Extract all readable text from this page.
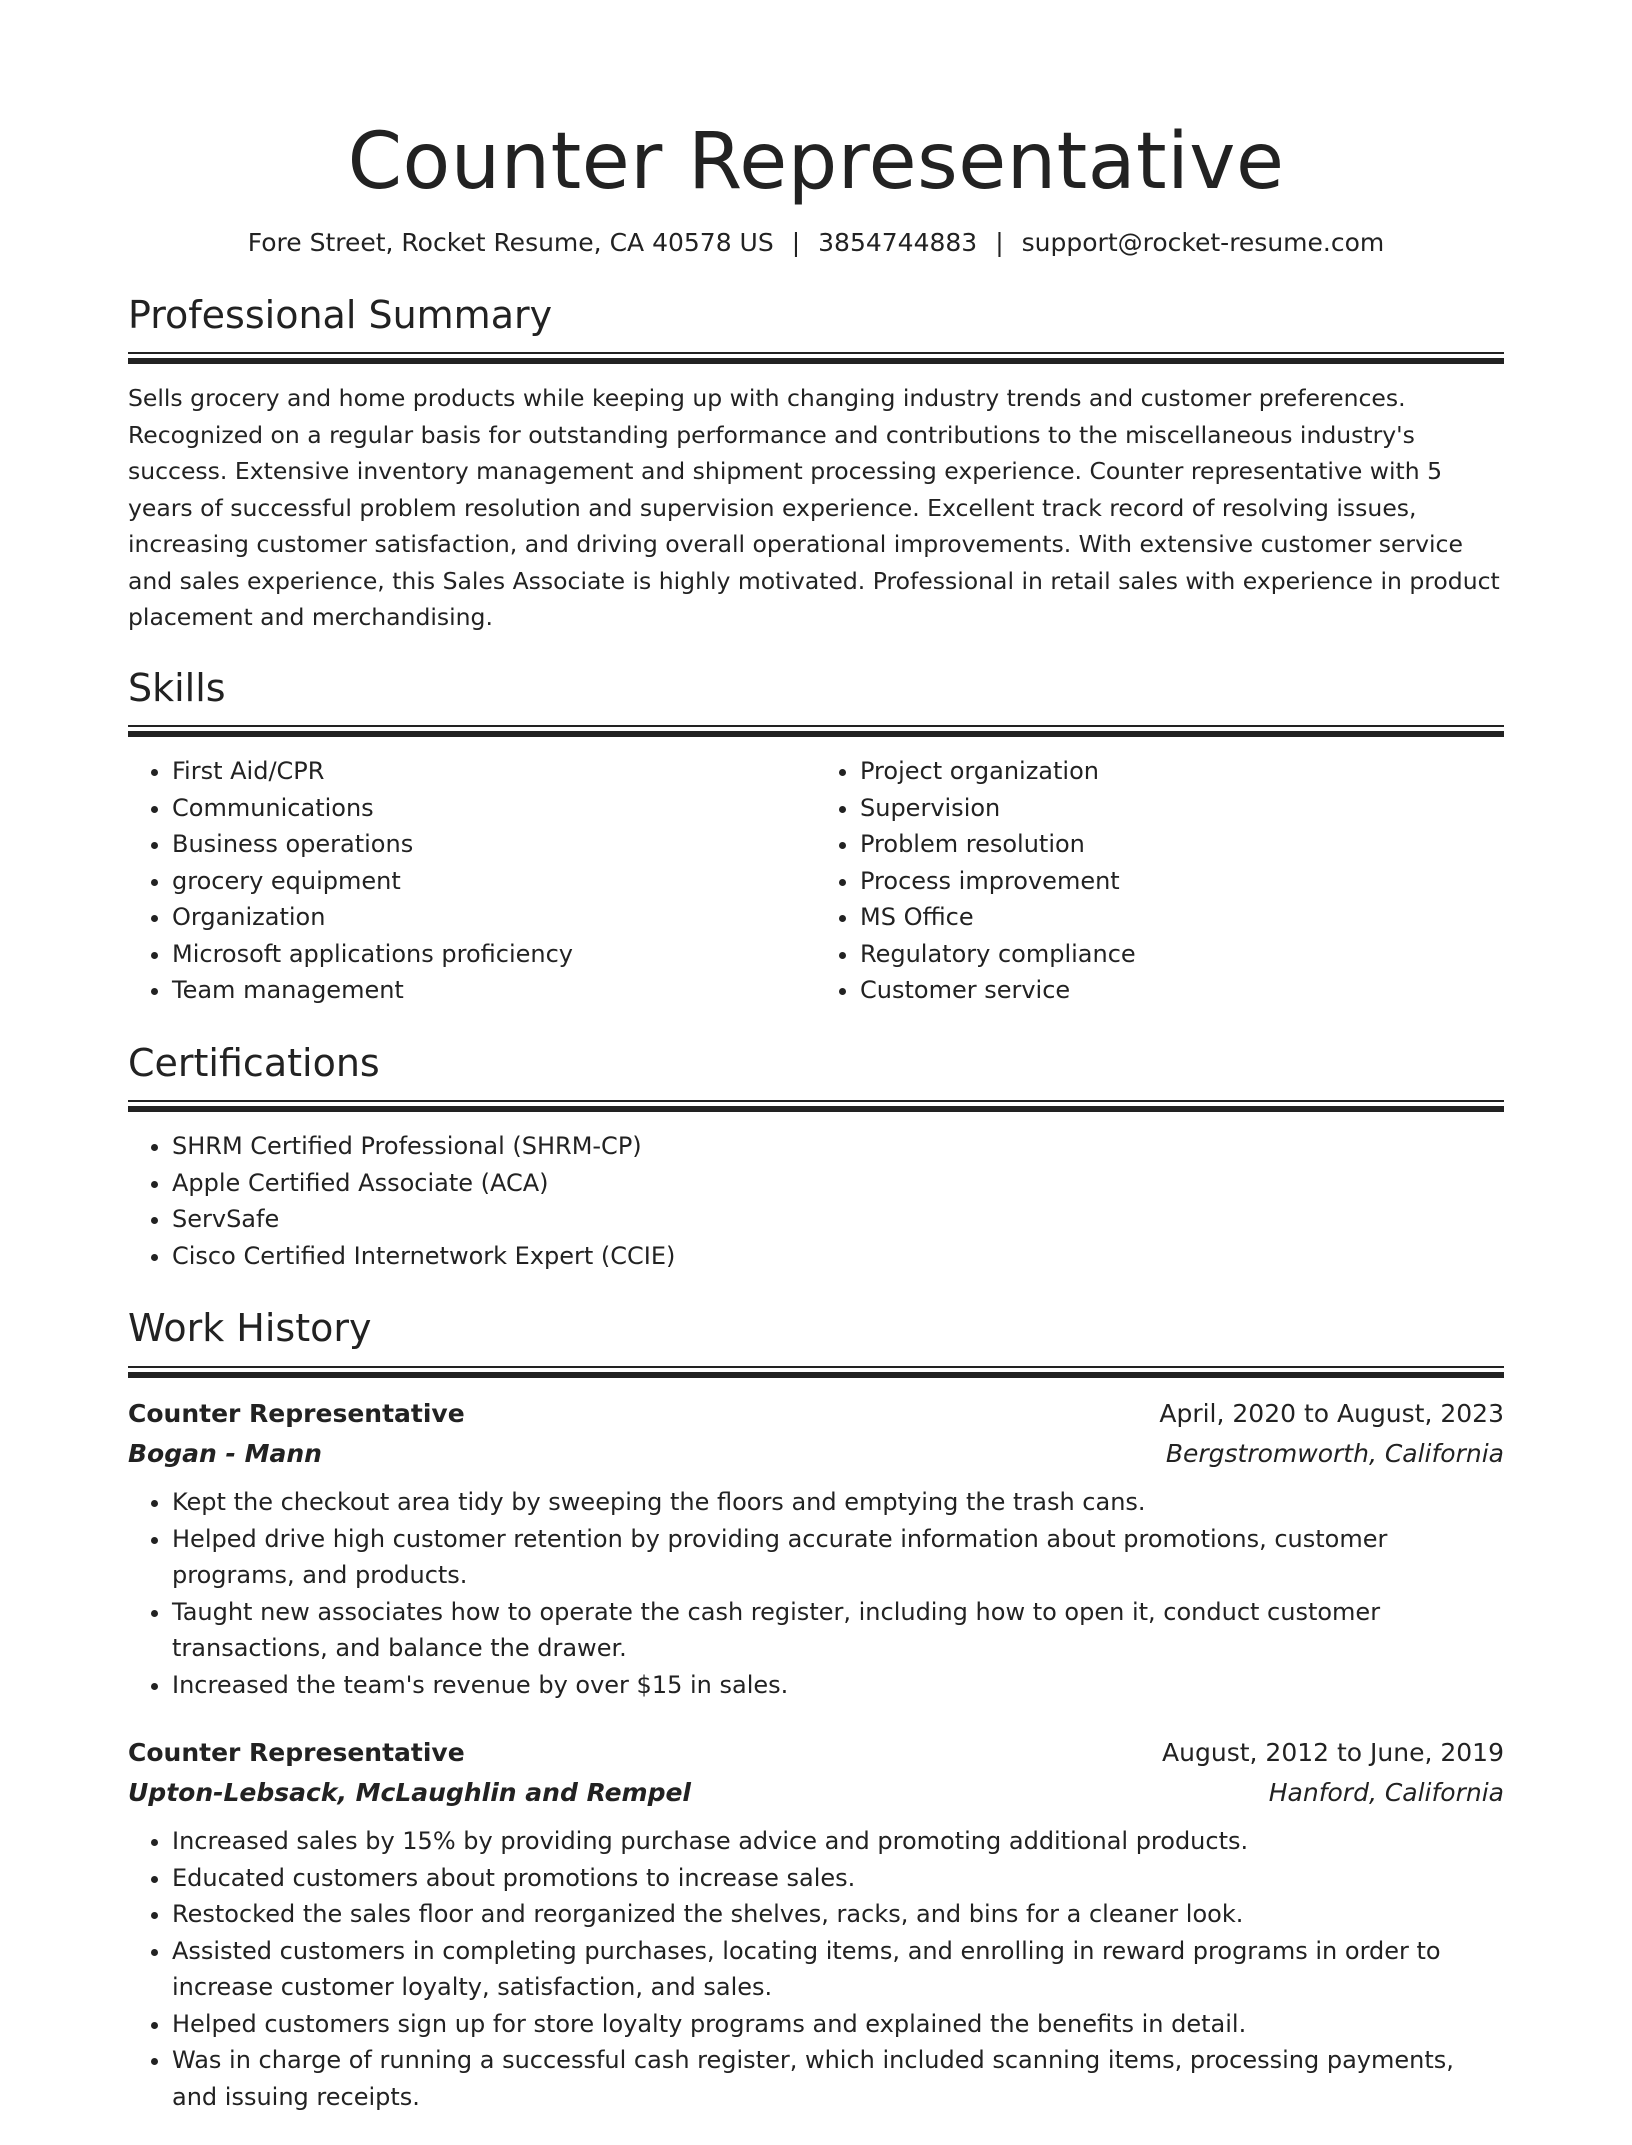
Counter Representative
Fore Street, Rocket Resume, CA 40578 US | 3854744883 | support@rocket-resume.com
Professional Summary

Sells grocery and home products while keeping up with changing industry trends and customer preferences. Recognized on a regular basis for outstanding performance and contributions to the miscellaneous industry's success. Extensive inventory management and shipment processing experience. Counter representative with 5 years of successful problem resolution and supervision experience. Excellent track record of resolving issues, increasing customer satisfaction, and driving overall operational improvements. With extensive customer service and sales experience, this Sales Associate is highly motivated. Professional in retail sales with experience in product placement and merchandising.

Skills
• First Aid/CPR
• Communications
• Business operations
• grocery equipment
• Organization
• Microsoft applications proficiency
• Team management
• Project organization
• Supervision
• Problem resolution
• Process improvement
• MS Office
• Regulatory compliance
• Customer service
Certifications
• SHRM Certified Professional (SHRM-CP)
• Apple Certified Associate (ACA)
• ServSafe
• Cisco Certified Internetwork Expert (CCIE)
Work History
Counter Representative	April, 2020 to August, 2023
Bogan - Mann	Bergstromworth, California
• Kept the checkout area tidy by sweeping the floors and emptying the trash cans.
• Helped drive high customer retention by providing accurate information about promotions, customer programs, and products.
• Taught new associates how to operate the cash register, including how to open it, conduct customer transactions, and balance the drawer.
• Increased the team's revenue by over $15 in sales.
Counter Representative	August, 2012 to June, 2019
Upton-Lebsack, McLaughlin and Rempel	Hanford, California
• Increased sales by 15% by providing purchase advice and promoting additional products.
• Educated customers about promotions to increase sales.
• Restocked the sales floor and reorganized the shelves, racks, and bins for a cleaner look.
• Assisted customers in completing purchases, locating items, and enrolling in reward programs in order to increase customer loyalty, satisfaction, and sales.
• Helped customers sign up for store loyalty programs and explained the benefits in detail.
• Was in charge of running a successful cash register, which included scanning items, processing payments, and issuing receipts.
